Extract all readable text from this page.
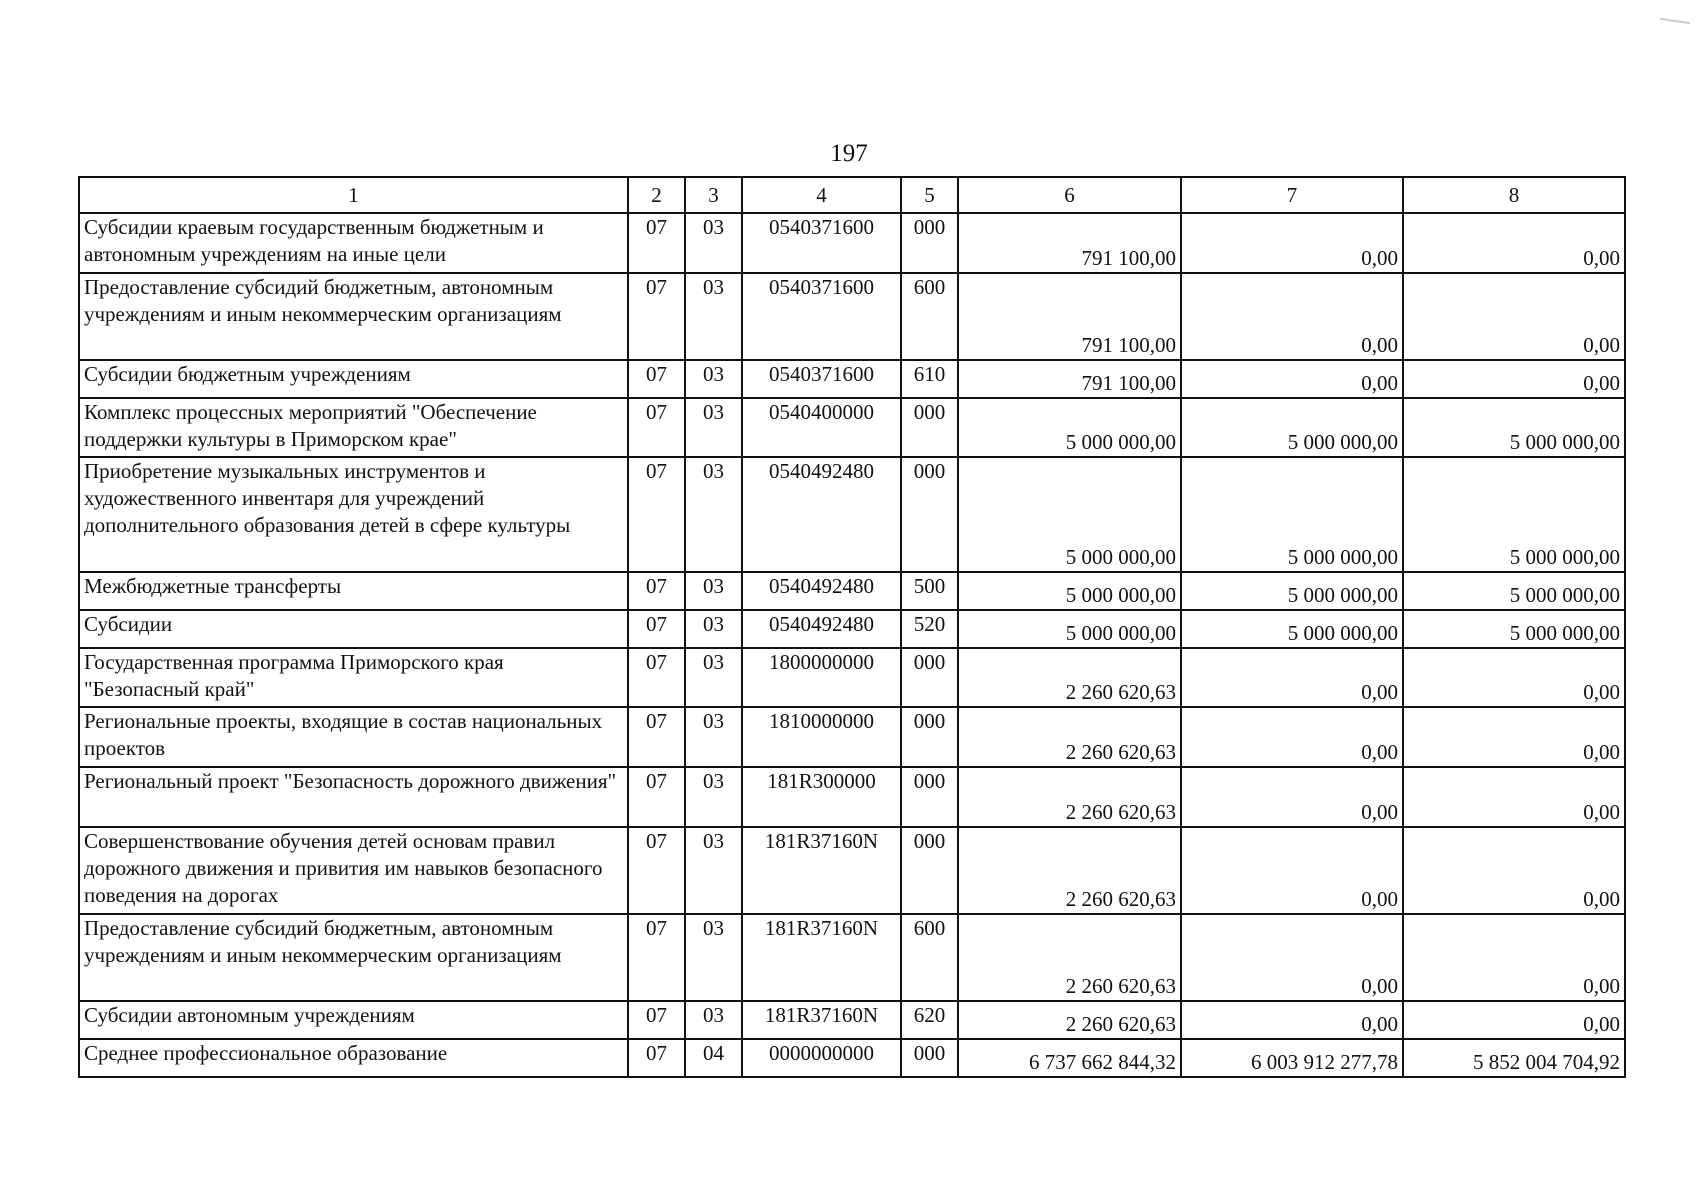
197
1	2	3	4	5	6	7	8
Субсидии краевым государственным бюджетным и автономным учреждениям на иные цели	07	03	0540371600	000	791 100,00	0,00	0,00
Предоставление субсидий бюджетным, автономным учреждениям и иным некоммерческим организациям	07	03	0540371600	600	791 100,00	0,00	0,00
Субсидии бюджетным учреждениям	07	03	0540371600	610	791 100,00	0,00	0,00
Комплекс процессных мероприятий "Обеспечение поддержки культуры в Приморском крае"	07	03	0540400000	000	5 000 000,00	5 000 000,00	5 000 000,00
Приобретение музыкальных инструментов и художественного инвентаря для учреждений дополнительного образования детей в сфере культуры	07	03	0540492480	000	5 000 000,00	5 000 000,00	5 000 000,00
Межбюджетные трансферты	07	03	0540492480	500	5 000 000,00	5 000 000,00	5 000 000,00
Субсидии	07	03	0540492480	520	5 000 000,00	5 000 000,00	5 000 000,00
Государственная программа Приморского края "Безопасный край"	07	03	1800000000	000	2 260 620,63	0,00	0,00
Региональные проекты, входящие в состав национальных проектов	07	03	1810000000	000	2 260 620,63	0,00	0,00
Региональный проект "Безопасность дорожного движения"	07	03	181R300000	000	2 260 620,63	0,00	0,00
Совершенствование обучения детей основам правил дорожного движения и привития им навыков безопасного поведения на дорогах	07	03	181R37160N	000	2 260 620,63	0,00	0,00
Предоставление субсидий бюджетным, автономным учреждениям и иным некоммерческим организациям	07	03	181R37160N	600	2 260 620,63	0,00	0,00
Субсидии автономным учреждениям	07	03	181R37160N	620	2 260 620,63	0,00	0,00
Среднее профессиональное образование	07	04	0000000000	000	6 737 662 844,32	6 003 912 277,78	5 852 004 704,92
